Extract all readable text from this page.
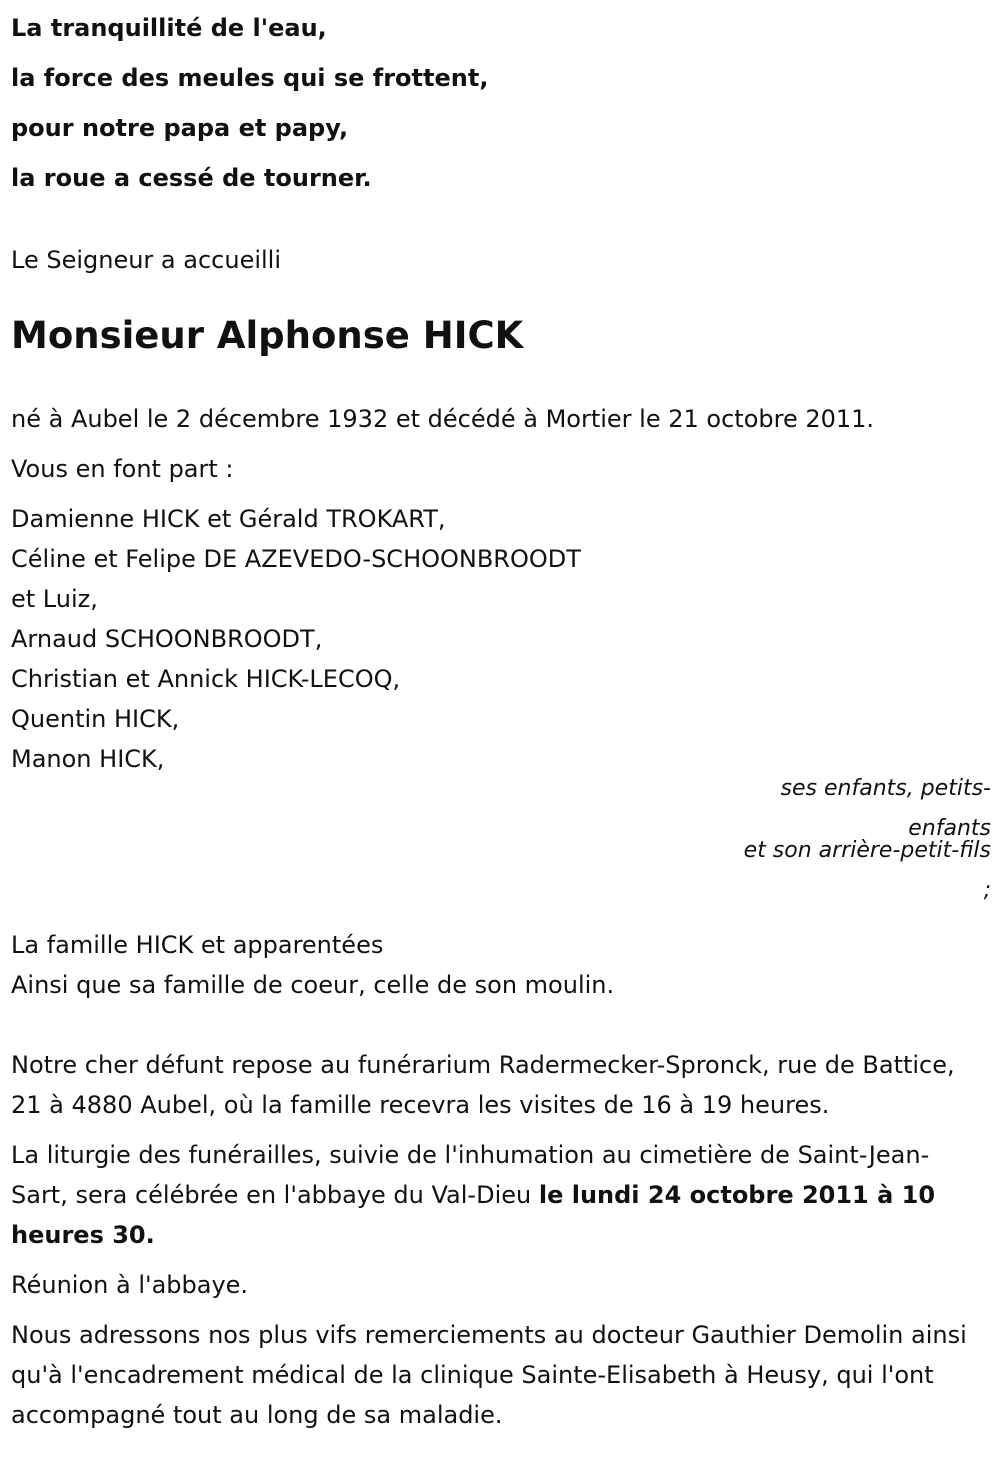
La tranquillité de l'eau,

la force des meules qui se frottent,

pour notre papa et papy,

la roue a cessé de tourner.

Le Seigneur a accueilli

Monsieur Alphonse HICK

né à Aubel le 2 décembre 1932 et décédé à Mortier le 21 octobre 2011.

Vous en font part :

Damienne HICK et Gérald TROKART,

Céline et Felipe DE AZEVEDO-SCHOONBROODT

et Luiz,

Arnaud SCHOONBROODT,

Christian et Annick HICK-LECOQ,

Quentin HICK,

Manon HICK,

ses enfants, petits-enfants
et son arrière-petit-fils ;

La famille HICK et apparentées

Ainsi que sa famille de coeur, celle de son moulin.

Notre cher défunt repose au funérarium Radermecker-Spronck, rue de Battice, 21 à 4880 Aubel, où la famille recevra les visites de 16 à 19 heures.

La liturgie des funérailles, suivie de l'inhumation au cimetière de Saint-Jean-Sart, sera célébrée en l'abbaye du Val-Dieu le lundi 24 octobre 2011 à 10 heures 30.

Réunion à l'abbaye.

Nous adressons nos plus vifs remerciements au docteur Gauthier Demolin ainsi qu'à l'encadrement médical de la clinique Sainte-Elisabeth à Heusy, qui l'ont accompagné tout au long de sa maladie.
